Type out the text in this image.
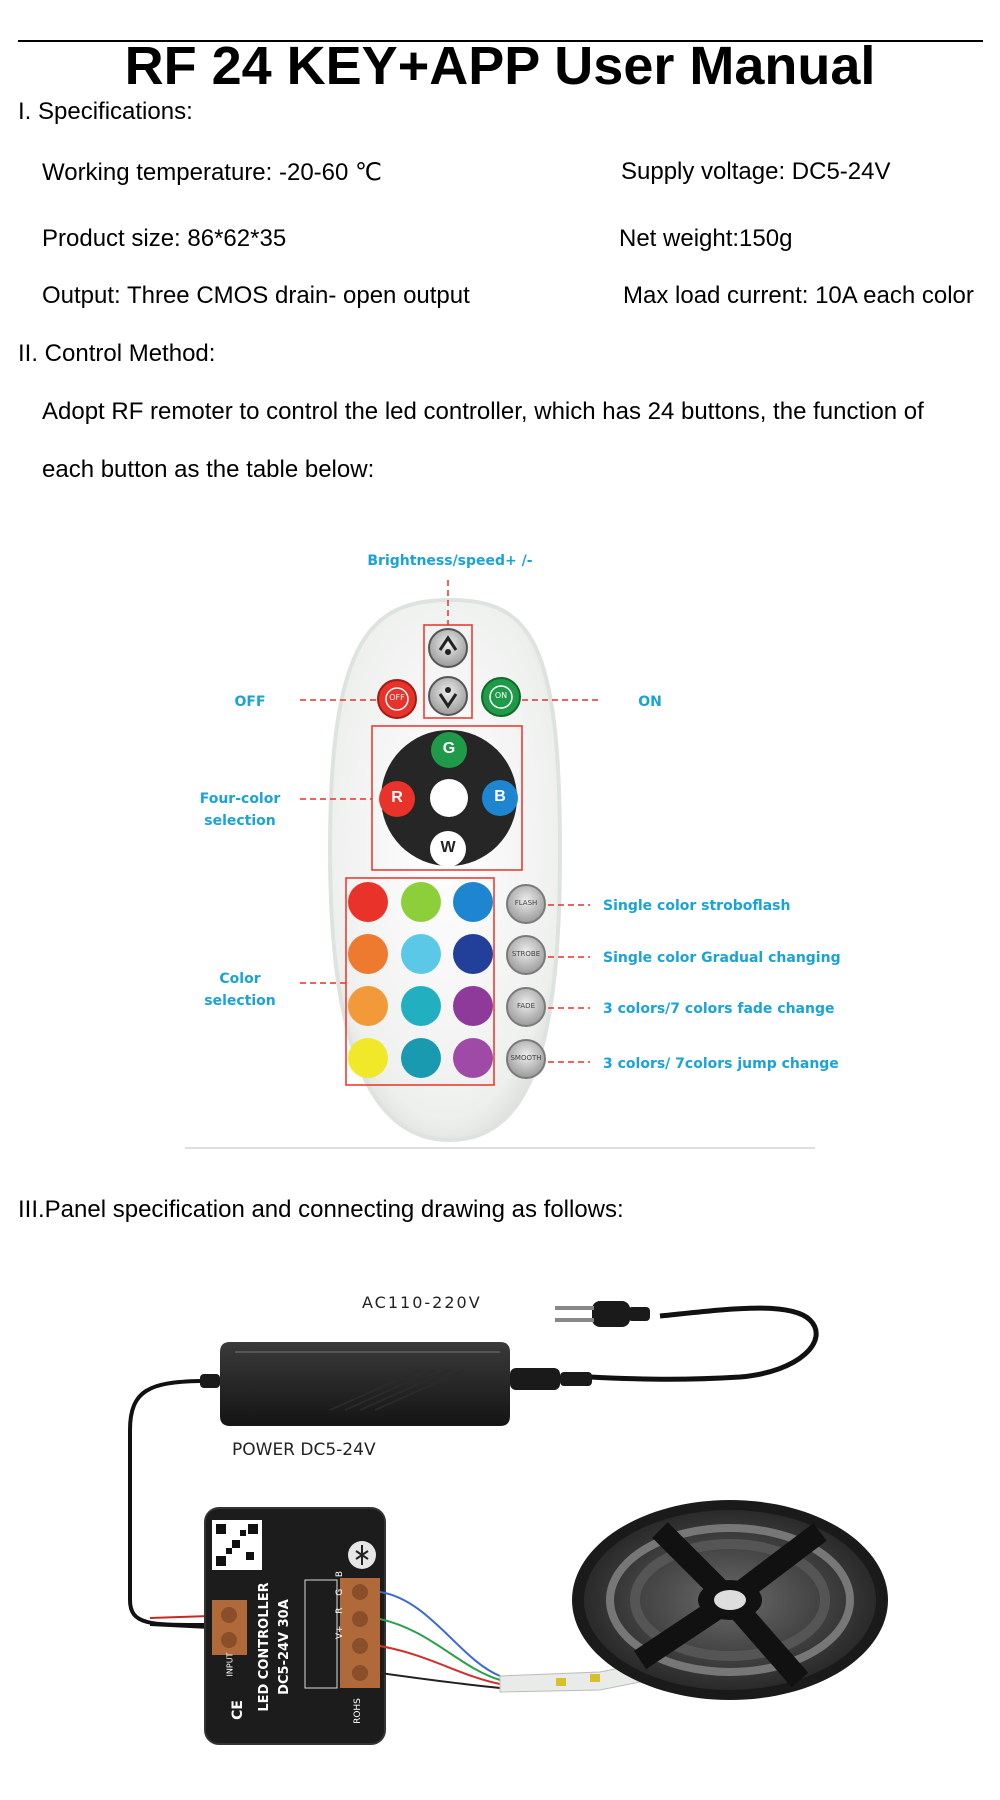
RF 24 KEY+APP User Manual
I. Specifications:
Working temperature: -20-60 ℃	Supply voltage: DC5-24V
Product size: 86*62*35	Net weight:150g
Output: Three CMOS drain- open output	Max load current: 10A each color
II. Control Method:
Adopt RF remoter to control the led controller, which has 24 buttons, the function of
each button as the table below:
Brightness/speed+ /-
OFF	ON
Four-color
selection
Color
selection
Single color stroboflash
Single color Gradual changing
3 colors/7 colors fade change
3 colors/ 7colors jump change
OFF	ON
G
R	B
W
FLASH
STROBE
FADE
SMOOTH
III.Panel specification and connecting drawing as follows:
AC110-220V
POWER DC5-24V
LED CONTROLLER DC5-24V 30A	V+
R
G
B
INPUT
ROHS
CE
